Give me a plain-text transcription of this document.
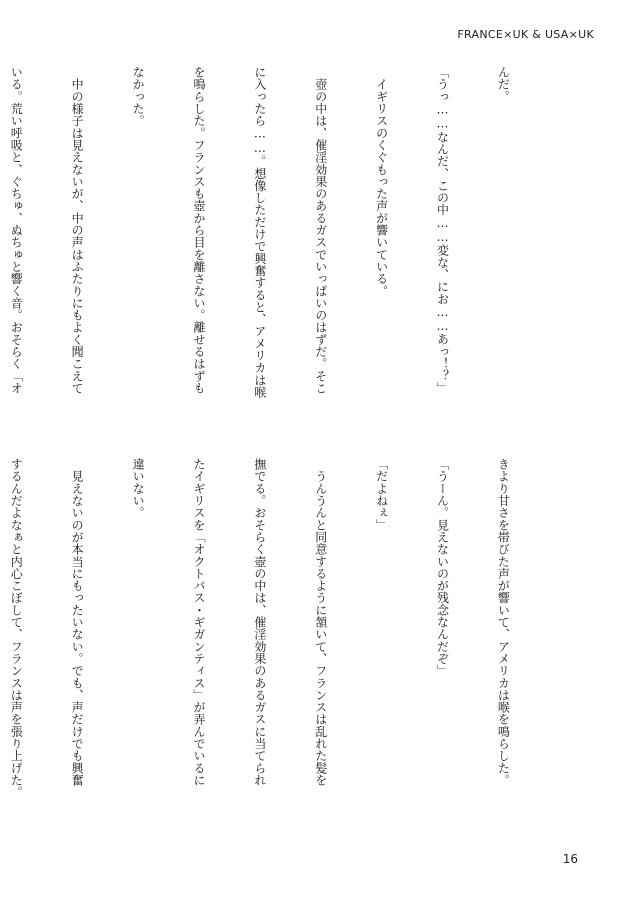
FRANCE×UK & USA×UK

んだ。

「うっ……なんだ、この中……変な、にお……あっ！？」

　イギリスのくぐもった声が響いている。

　壺の中は、催淫効果のあるガスでいっぱいのはずだ。そこ

に入ったら……。想像しただけで興奮すると、アメリカは喉

を鳴らした。フランスも壺から目を離さない。離せるはずも

なかった。

　中の様子は見えないが、中の声はふたりにもよく聞こえて

いる。荒い呼吸と、ぐちゅ、ぬちゅと響く音。おそらく「オ

きより甘さを帯びた声が響いて、アメリカは喉を鳴らした。

「うーん。見えないのが残念なんだぞ」

「だよねぇ」

　うんうんと同意するように頷いて、フランスは乱れた髪を

撫でる。おそらく壺の中は、催淫効果のあるガスに当てられ

たイギリスを「オクトパス・ギガンティス」が弄んでいるに

違いない。

　見えないのが本当にもったいない。でも、声だけでも興奮

するんだよなぁと内心こぼして、フランスは声を張り上げた。

16
